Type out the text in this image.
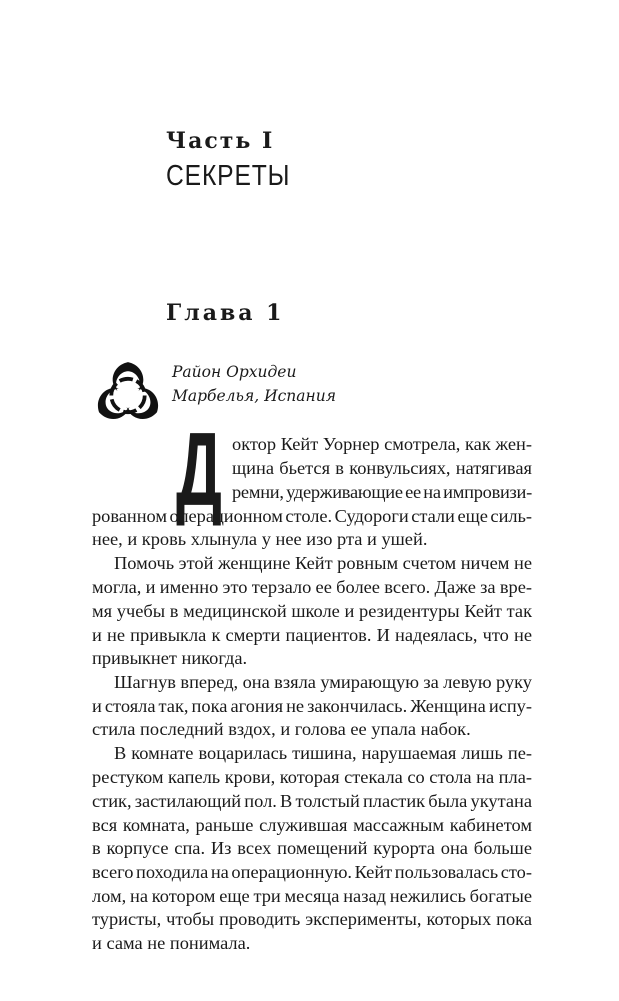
Часть I
СЕКРЕТЫ
Глава 1
Район Орхидеи
Марбелья, Испания
Д октор Кейт Уорнер смотрела, как жен-
щина бьется в конвульсиях, натягивая
ремни, удерживающие ее на импровизи-
рованном операционном столе. Судороги стали еще силь-
нее, и кровь хлынула у нее изо рта и ушей.
Помочь этой женщине Кейт ровным счетом ничем не
могла, и именно это терзало ее более всего. Даже за вре-
мя учебы в медицинской школе и резидентуры Кейт так
и не привыкла к смерти пациентов. И надеялась, что не
привыкнет никогда.
Шагнув вперед, она взяла умирающую за левую руку
и стояла так, пока агония не закончилась. Женщина испу-
стила последний вздох, и голова ее упала набок.
В комнате воцарилась тишина, нарушаемая лишь пе-
рестуком капель крови, которая стекала со стола на пла-
стик, застилающий пол. В толстый пластик была укутана
вся комната, раньше служившая массажным кабинетом
в корпусе спа. Из всех помещений курорта она больше
всего походила на операционную. Кейт пользовалась сто-
лом, на котором еще три месяца назад нежились богатые
туристы, чтобы проводить эксперименты, которых пока
и сама не понимала.
